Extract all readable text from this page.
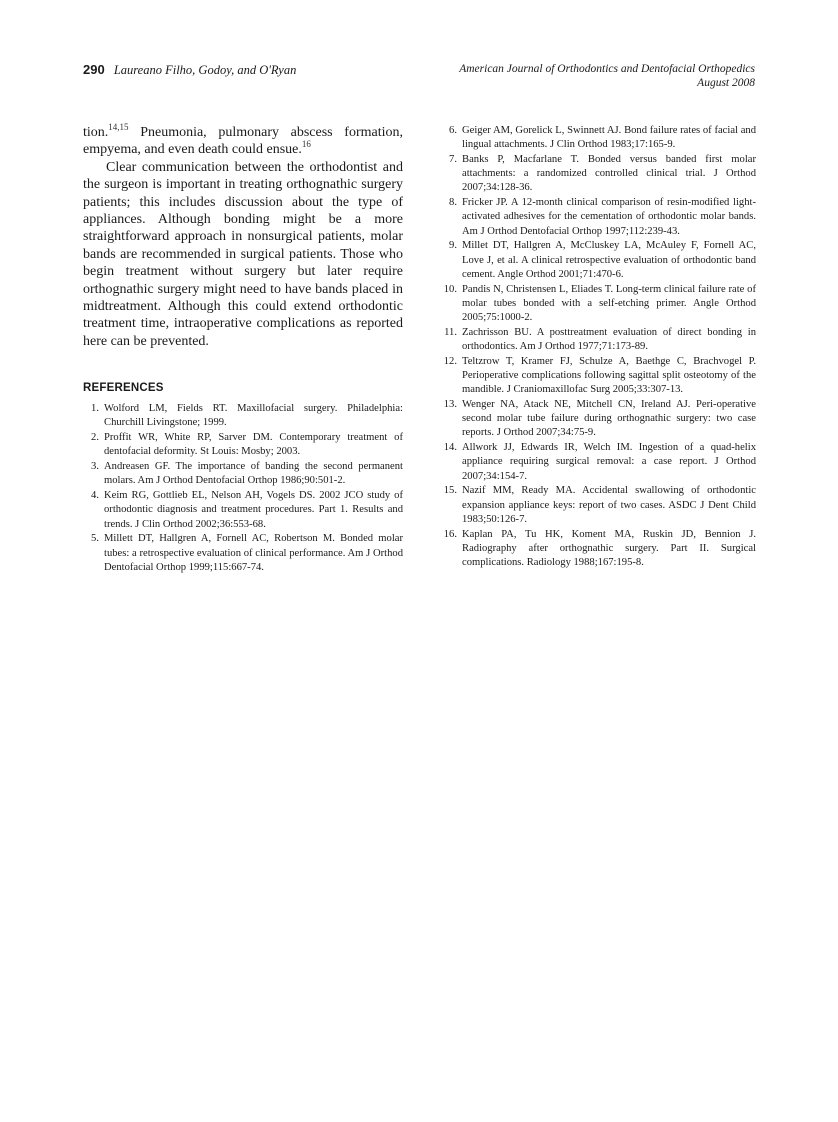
290 Laureano Filho, Godoy, and O'Ryan	American Journal of Orthodontics and Dentofacial Orthopedics
August 2008

tion.$^{14,15}$ Pneumonia, pulmonary abscess formation, empyema, and even death could ensue.$^{16}$

Clear communication between the orthodontist and the surgeon is important in treating orthognathic surgery patients; this includes discussion about the type of appliances. Although bonding might be a more straightforward approach in nonsurgical patients, molar bands are recommended in surgical patients. Those who begin treatment without surgery but later require orthognathic surgery might need to have bands placed in midtreatment. Although this could extend orthodontic treatment time, intraoperative complications as reported here can be prevented.

REFERENCES
1. Wolford LM, Fields RT. Maxillofacial surgery. Philadelphia: Churchill Livingstone; 1999.
2. Proffit WR, White RP, Sarver DM. Contemporary treatment of dentofacial deformity. St Louis: Mosby; 2003.
3. Andreasen GF. The importance of banding the second permanent molars. Am J Orthod Dentofacial Orthop 1986;90:501-2.
4. Keim RG, Gottlieb EL, Nelson AH, Vogels DS. 2002 JCO study of orthodontic diagnosis and treatment procedures. Part 1. Results and trends. J Clin Orthod 2002;36:553-68.
5. Millett DT, Hallgren A, Fornell AC, Robertson M. Bonded molar tubes: a retrospective evaluation of clinical performance. Am J Orthod Dentofacial Orthop 1999;115:667-74.
6. Geiger AM, Gorelick L, Swinnett AJ. Bond failure rates of facial and lingual attachments. J Clin Orthod 1983;17:165-9.
7. Banks P, Macfarlane T. Bonded versus banded first molar attachments: a randomized controlled clinical trial. J Orthod 2007;34:128-36.
8. Fricker JP. A 12-month clinical comparison of resin-modified light-activated adhesives for the cementation of orthodontic molar bands. Am J Orthod Dentofacial Orthop 1997;112:239-43.
9. Millet DT, Hallgren A, McCluskey LA, McAuley F, Fornell AC, Love J, et al. A clinical retrospective evaluation of orthodontic band cement. Angle Orthod 2001;71:470-6.
10. Pandis N, Christensen L, Eliades T. Long-term clinical failure rate of molar tubes bonded with a self-etching primer. Angle Orthod 2005;75:1000-2.
11. Zachrisson BU. A posttreatment evaluation of direct bonding in orthodontics. Am J Orthod 1977;71:173-89.
12. Teltzrow T, Kramer FJ, Schulze A, Baethge C, Brachvogel P. Perioperative complications following sagittal split osteotomy of the mandible. J Craniomaxillofac Surg 2005;33:307-13.
13. Wenger NA, Atack NE, Mitchell CN, Ireland AJ. Peri-operative second molar tube failure during orthognathic surgery: two case reports. J Orthod 2007;34:75-9.
14. Allwork JJ, Edwards IR, Welch IM. Ingestion of a quad-helix appliance requiring surgical removal: a case report. J Orthod 2007;34:154-7.
15. Nazif MM, Ready MA. Accidental swallowing of orthodontic expansion appliance keys: report of two cases. ASDC J Dent Child 1983;50:126-7.
16. Kaplan PA, Tu HK, Koment MA, Ruskin JD, Bennion J. Radiography after orthognathic surgery. Part II. Surgical complications. Radiology 1988;167:195-8.
